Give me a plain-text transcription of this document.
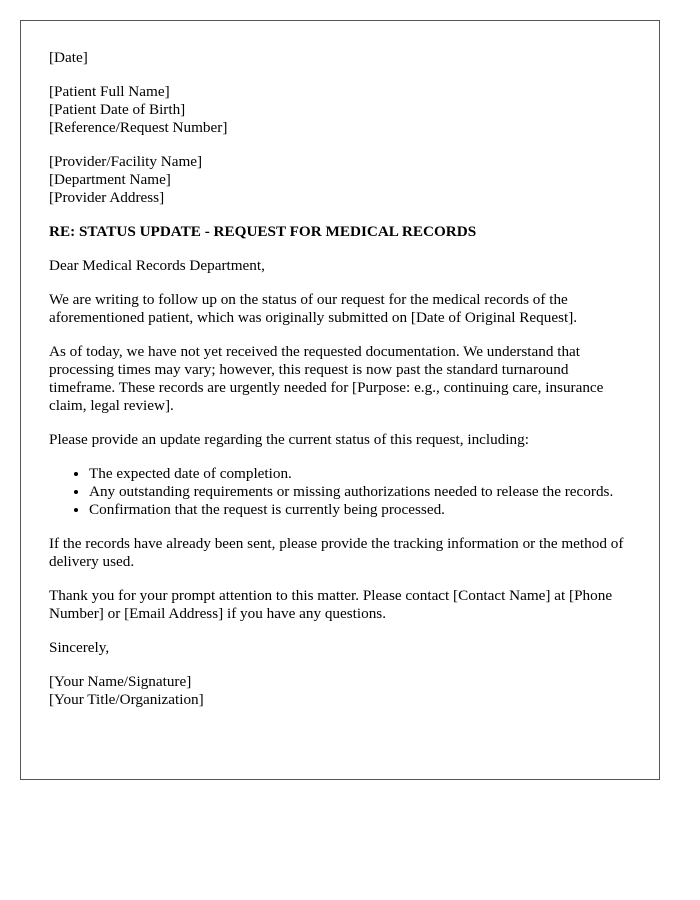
[Date]

[Patient Full Name]
[Patient Date of Birth]
[Reference/Request Number]
[Provider/Facility Name]
[Department Name]
[Provider Address]

RE: STATUS UPDATE - REQUEST FOR MEDICAL RECORDS

Dear Medical Records Department,

We are writing to follow up on the status of our request for the medical records of the aforementioned patient, which was originally submitted on [Date of Original Request].

As of today, we have not yet received the requested documentation. We understand that processing times may vary; however, this request is now past the standard turnaround timeframe. These records are urgently needed for [Purpose: e.g., continuing care, insurance claim, legal review].

Please provide an update regarding the current status of this request, including:

• The expected date of completion.
• Any outstanding requirements or missing authorizations needed to release the records.
• Confirmation that the request is currently being processed.

If the records have already been sent, please provide the tracking information or the method of delivery used.

Thank you for your prompt attention to this matter. Please contact [Contact Name] at [Phone Number] or [Email Address] if you have any questions.

Sincerely,

[Your Name/Signature]
[Your Title/Organization]
